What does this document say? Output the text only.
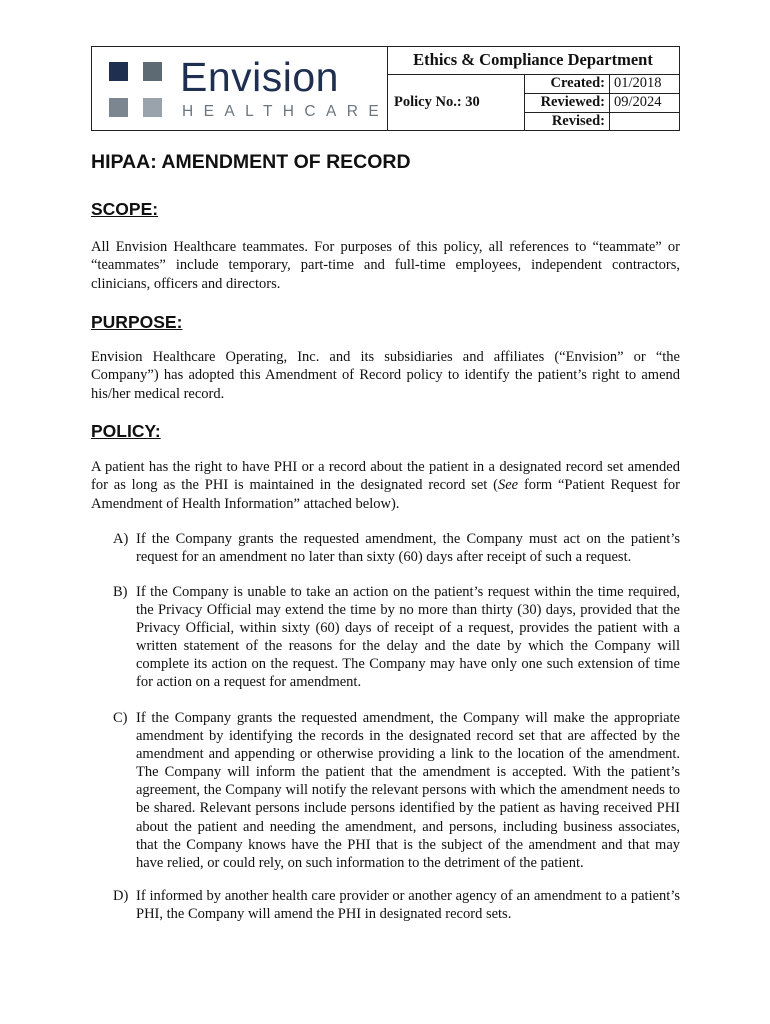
Envision
HEALTHCARE
Ethics & Compliance Department
Policy No.: 30
Created: 01/2018
Reviewed: 09/2024
Revised:
HIPAA: AMENDMENT OF RECORD
SCOPE:
All Envision Healthcare teammates. For purposes of this policy, all references to “teammate” or “teammates” include temporary, part-time and full-time employees, independent contractors, clinicians, officers and directors.
PURPOSE:
Envision Healthcare Operating, Inc. and its subsidiaries and affiliates (“Envision” or “the Company”) has adopted this Amendment of Record policy to identify the patient’s right to amend his/her medical record.
POLICY:
A patient has the right to have PHI or a record about the patient in a designated record set amended for as long as the PHI is maintained in the designated record set (See form “Patient Request for Amendment of Health Information” attached below).
A) If the Company grants the requested amendment, the Company must act on the patient’s request for an amendment no later than sixty (60) days after receipt of such a request.
B) If the Company is unable to take an action on the patient’s request within the time required, the Privacy Official may extend the time by no more than thirty (30) days, provided that the Privacy Official, within sixty (60) days of receipt of a request, provides the patient with a written statement of the reasons for the delay and the date by which the Company will complete its action on the request. The Company may have only one such extension of time for action on a request for amendment.
C) If the Company grants the requested amendment, the Company will make the appropriate amendment by identifying the records in the designated record set that are affected by the amendment and appending or otherwise providing a link to the location of the amendment. The Company will inform the patient that the amendment is accepted. With the patient’s agreement, the Company will notify the relevant persons with which the amendment needs to be shared. Relevant persons include persons identified by the patient as having received PHI about the patient and needing the amendment, and persons, including business associates, that the Company knows have the PHI that is the subject of the amendment and that may have relied, or could rely, on such information to the detriment of the patient.
D) If informed by another health care provider or another agency of an amendment to a patient’s PHI, the Company will amend the PHI in designated record sets.
